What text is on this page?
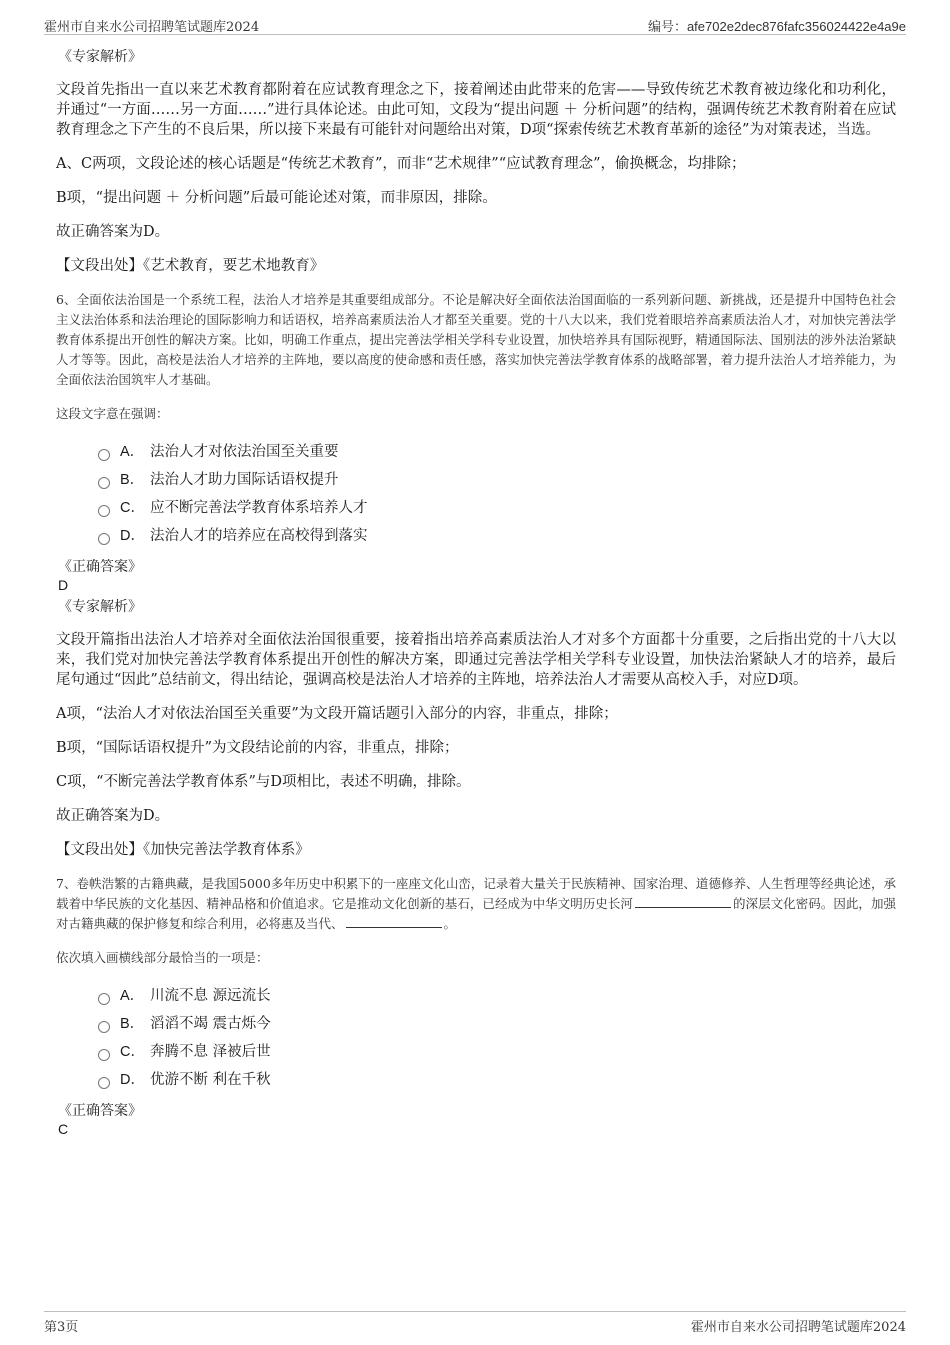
霍州市自来水公司招聘笔试题库2024	编号：afe702e2dec876fafc356024422e4a9e
《专家解析》
文段首先指出一直以来艺术教育都附着在应试教育理念之下，接着阐述由此带来的危害——导致传统艺术教育被边缘化和功利化，并通过“一方面……另一方面……”进行具体论述。由此可知，文段为“提出问题 ＋ 分析问题”的结构，强调传统艺术教育附着在应试教育理念之下产生的不良后果，所以接下来最有可能针对问题给出对策，D项“探索传统艺术教育革新的途径”为对策表述，当选。
A、C两项，文段论述的核心话题是“传统艺术教育”，而非“艺术规律”“应试教育理念”，偷换概念，均排除；
B项，“提出问题 ＋ 分析问题”后最可能论述对策，而非原因，排除。
故正确答案为D。
【文段出处】《艺术教育，要艺术地教育》
6、全面依法治国是一个系统工程，法治人才培养是其重要组成部分。不论是解决好全面依法治国面临的一系列新问题、新挑战，还是提升中国特色社会主义法治体系和法治理论的国际影响力和话语权，培养高素质法治人才都至关重要。党的十八大以来，我们党着眼培养高素质法治人才，对加快完善法学教育体系提出开创性的解决方案。比如，明确工作重点，提出完善法学相关学科专业设置，加快培养具有国际视野，精通国际法、国别法的涉外法治紧缺人才等等。因此，高校是法治人才培养的主阵地，要以高度的使命感和责任感，落实加快完善法学教育体系的战略部署，着力提升法治人才培养能力，为全面依法治国筑牢人才基础。
这段文字意在强调：
A． 法治人才对依法治国至关重要
B． 法治人才助力国际话语权提升
C． 应不断完善法学教育体系培养人才
D． 法治人才的培养应在高校得到落实
《正确答案》
D
《专家解析》
文段开篇指出法治人才培养对全面依法治国很重要，接着指出培养高素质法治人才对多个方面都十分重要，之后指出党的十八大以来，我们党对加快完善法学教育体系提出开创性的解决方案，即通过完善法学相关学科专业设置，加快法治紧缺人才的培养，最后尾句通过“因此”总结前文，得出结论，强调高校是法治人才培养的主阵地，培养法治人才需要从高校入手，对应D项。
A项，“法治人才对依法治国至关重要”为文段开篇话题引入部分的内容，非重点，排除；
B项，“国际话语权提升”为文段结论前的内容，非重点，排除；
C项，“不断完善法学教育体系”与D项相比，表述不明确，排除。
故正确答案为D。
【文段出处】《加快完善法学教育体系》
7、卷帙浩繁的古籍典藏，是我国5000多年历史中积累下的一座座文化山峦，记录着大量关于民族精神、国家治理、道德修养、人生哲理等经典论述，承载着中华民族的文化基因、精神品格和价值追求。它是推动文化创新的基石，已经成为中华文明历史长河	的深层文化密码。因此，加强对古籍典藏的保护修复和综合利用，必将惠及当代、	。
依次填入画横线部分最恰当的一项是：
A． 川流不息 源远流长
B． 滔滔不竭 震古烁今
C． 奔腾不息 泽被后世
D． 优游不断 利在千秋
《正确答案》
C
第3页	霍州市自来水公司招聘笔试题库2024
